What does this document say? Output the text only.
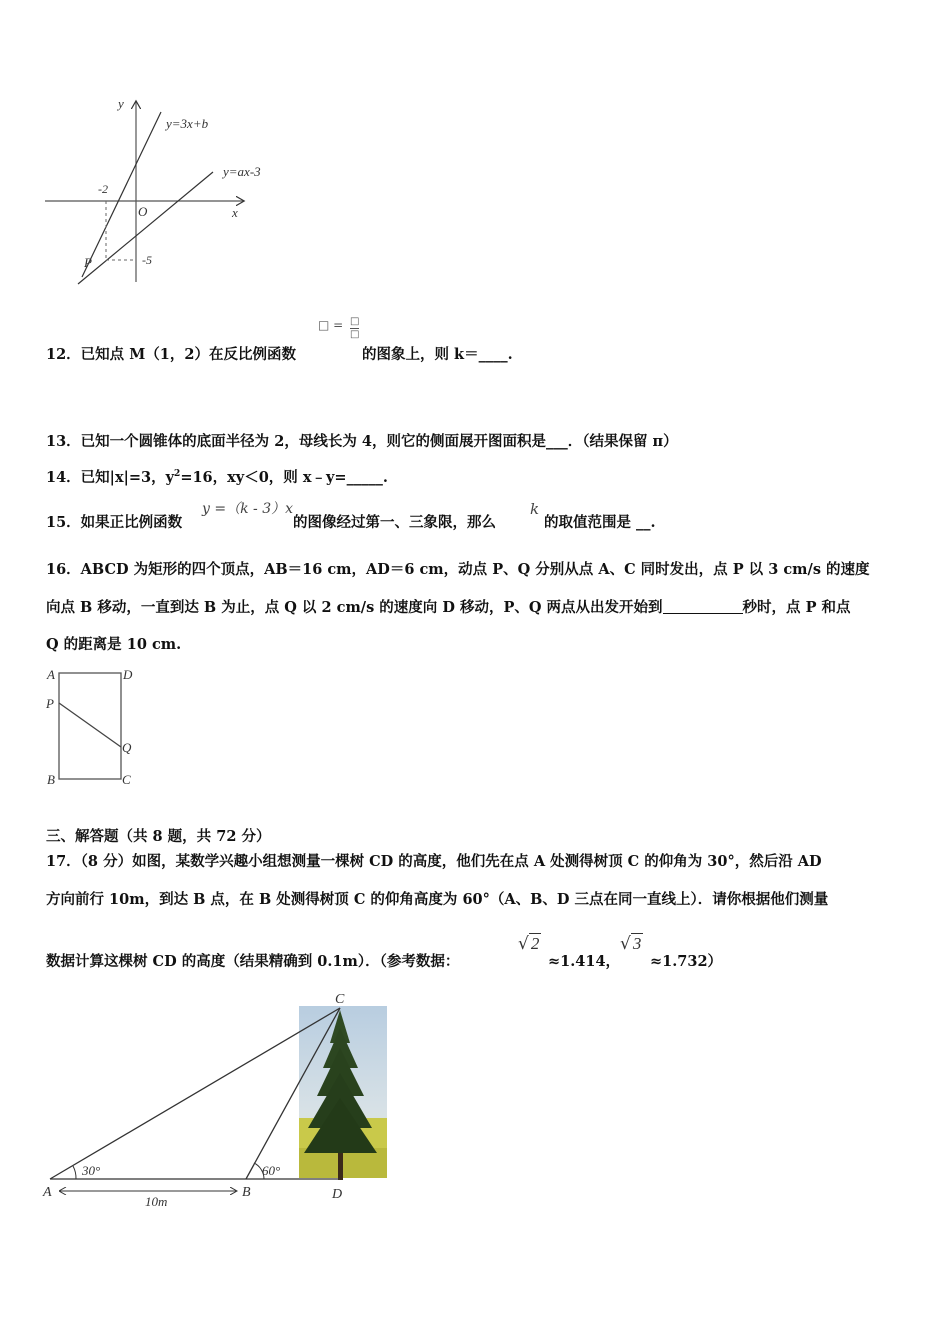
y
x
O
y=3x+b
y=ax-3
-2
-5
P
12．已知点 M（1，2）在反比例函数
□ = □
□
的图象上，则 k＝____.
13．已知一个圆锥体的底面半径为 2，母线长为 4，则它的侧面展开图面积是___．（结果保留 π）
14．已知|x|=3，$y^2=16$，xy＜0，则 x﹣y=_____.
15．如果正比例函数
y =（k - 3）x
的图像经过第一、三象限，那么
k
的取值范围是 __.
16．ABCD 为矩形的四个顶点，AB＝16 cm，AD＝6 cm，动点 P、Q 分别从点 A、C 同时发出，点 P 以 3 cm/s 的速度
向点 B 移动，一直到达 B 为止，点 Q 以 2 cm/s 的速度向 D 移动，P、Q 两点从出发开始到	秒时，点 P 和点
Q 的距离是 10 cm.
A	D
P
Q
B	C
三、解答题（共 8 题，共 72 分）
17．（8 分）如图，某数学兴趣小组想测量一棵树 CD 的高度，他们先在点 A 处测得树顶 C 的仰角为 30°，然后沿 AD
方向前行 10m，到达 B 点，在 B 处测得树顶 C 的仰角高度为 60°（A、B、D 三点在同一直线上）．请你根据他们测量
数据计算这棵树 CD 的高度（结果精确到 0.1m）．（参考数据：
√ 2
≈1.414，
√ 3
≈1.732）
30°	60°
10m
C
A	B	D
